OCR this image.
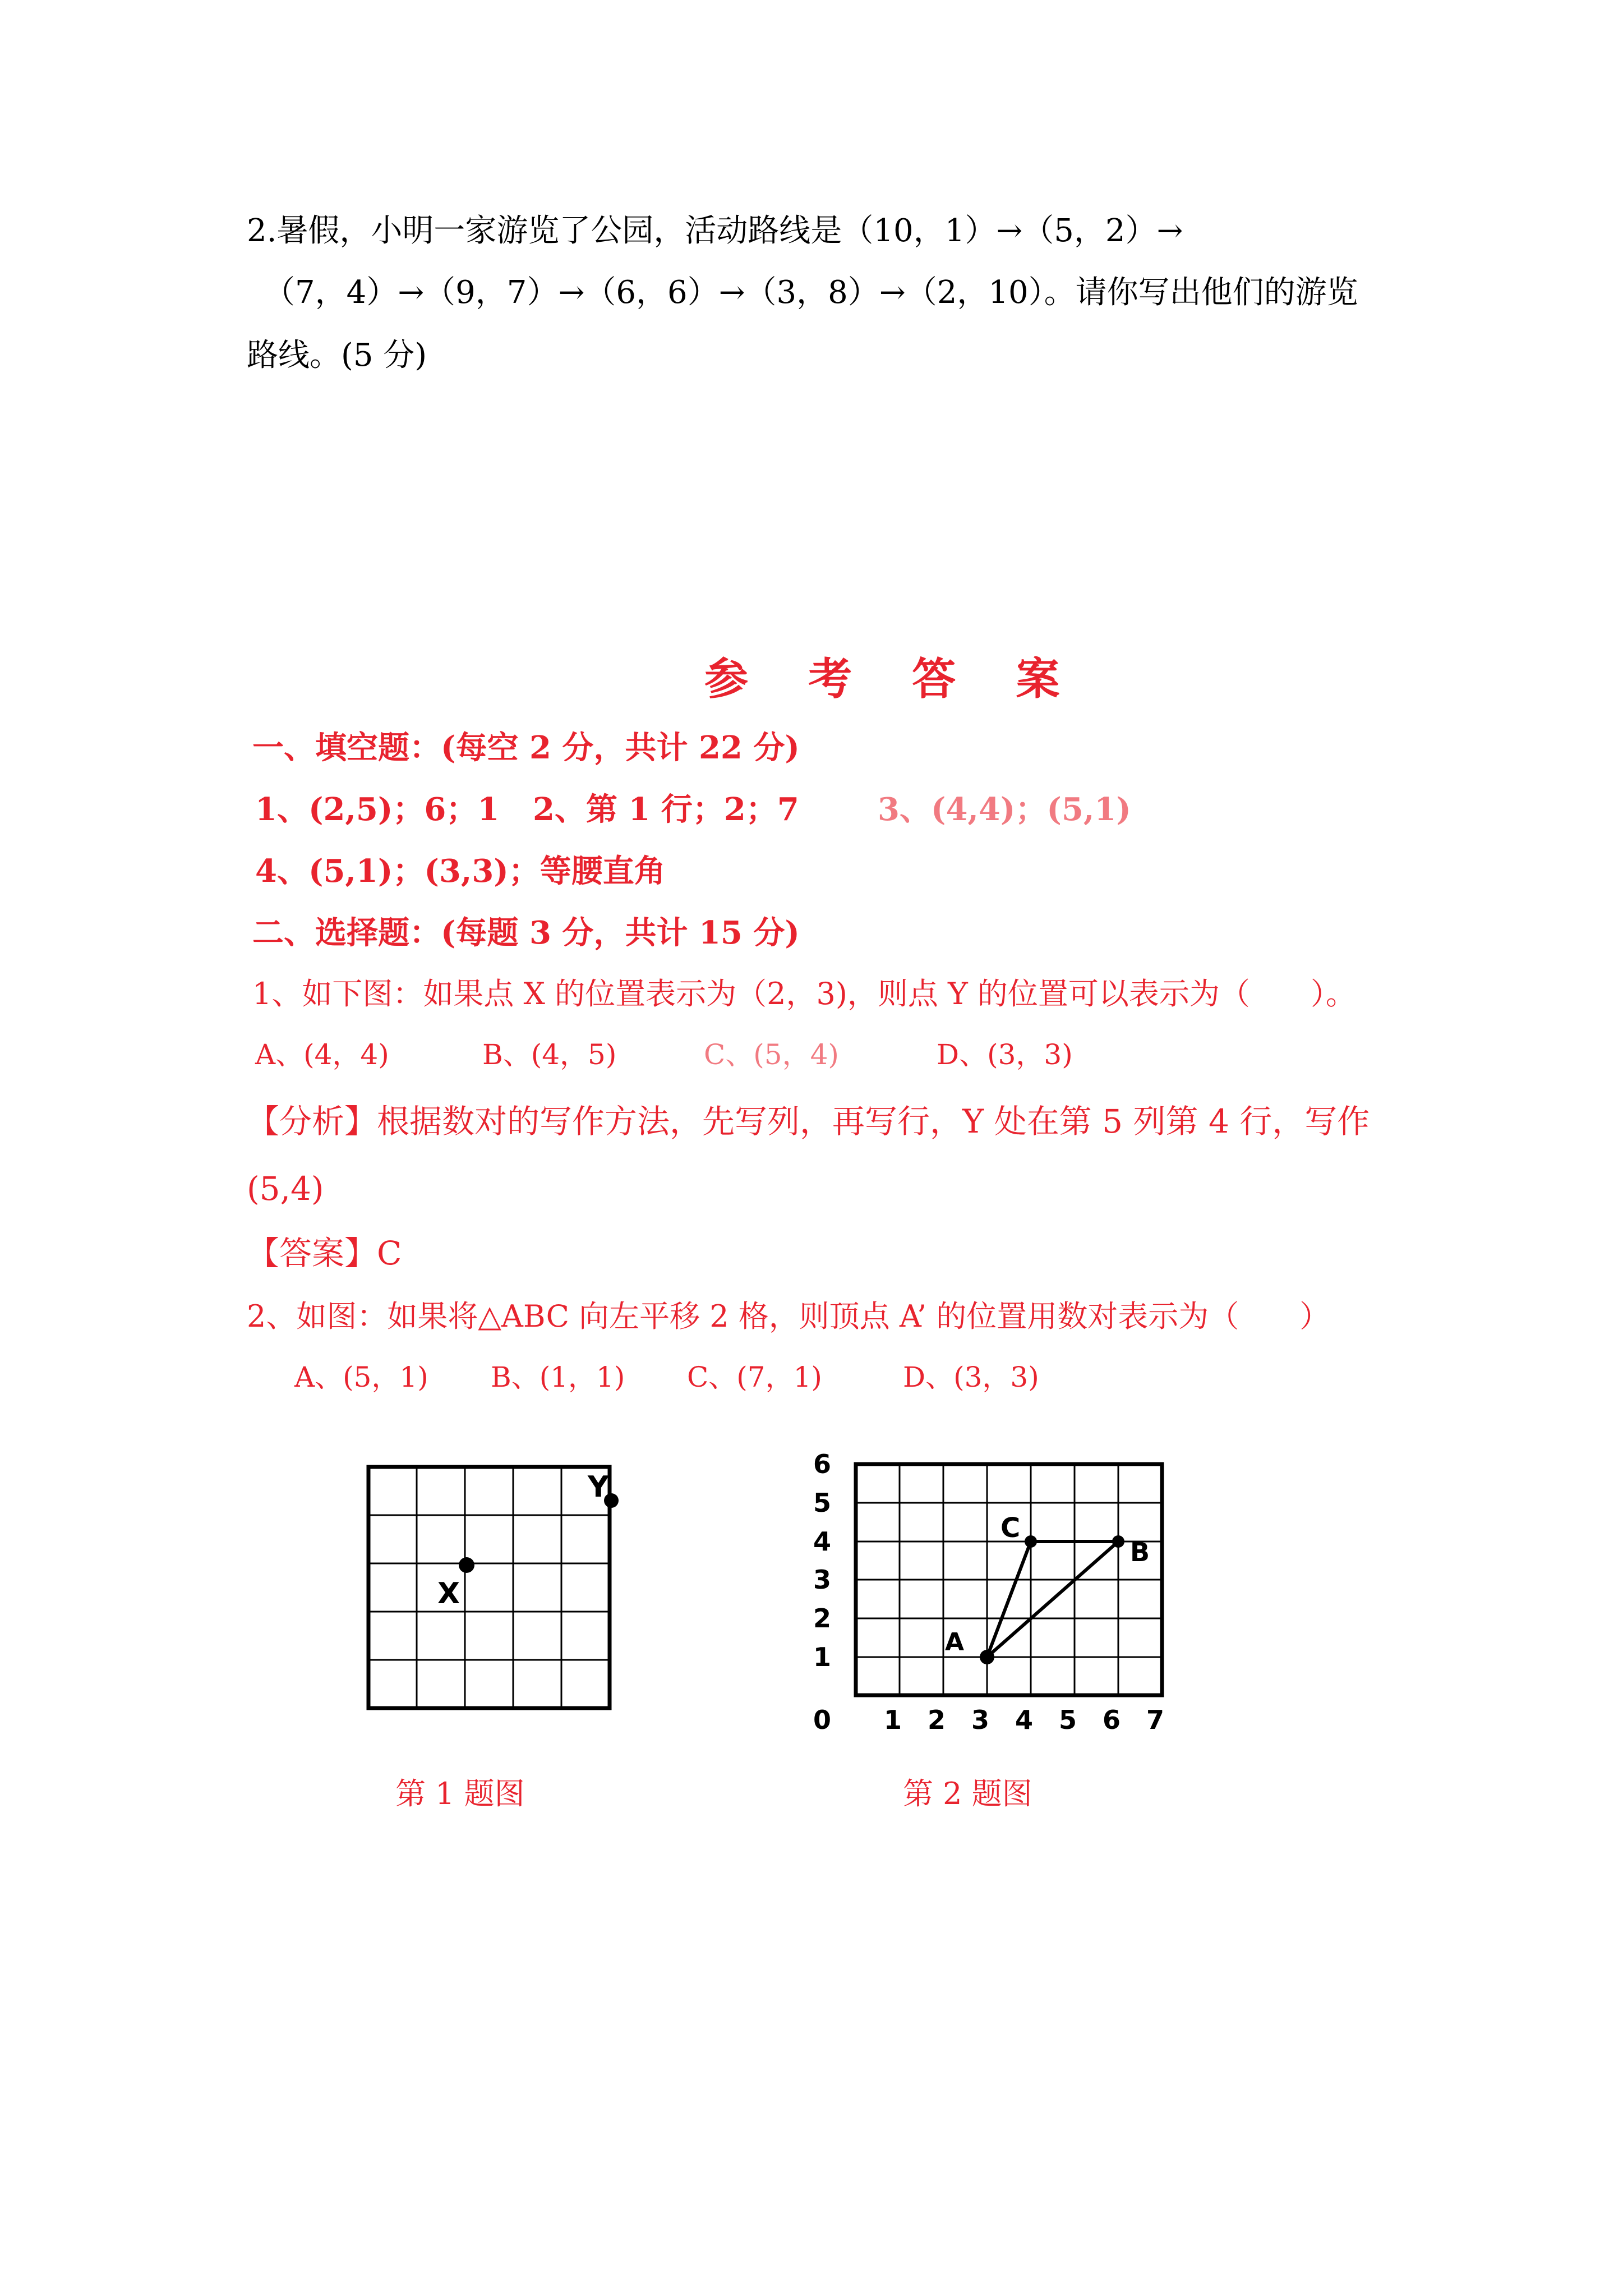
2.暑假，小明一家游览了公园，活动路线是（10，1）→（5，2）→
（7，4）→（9，7）→（6，6）→（3，8）→（2，10）。请你写出他们的游览
路线。(5 分)
参 考 答 案
一、填空题：(每空 2 分，共计 22 分)
1、(2,5)；6；1 2、第 1 行；2；7	3、(4,4)；(5,1)
4、(5,1)；(3,3)；等腰直角
二、选择题：(每题 3 分，共计 15 分)
1、如下图：如果点 X 的位置表示为（2，3)，则点 Y 的位置可以表示为（　　）。
A、(4，4)	B、(4，5)	C、(5，4)	D、(3，3)
【分析】根据数对的写作方法，先写列，再写行，Y 处在第 5 列第 4 行，写作
(5,4)
【答案】C
2、如图：如果将△ABC 向左平移 2 格，则顶点 A’ 的位置用数对表示为（　　）
A、(5，1) B、(1，1) C、(7，1)	D、(3，3)
X
Y
第 1 题图
6
5
4
3
2
1
0 1 2 3 4 5 6 7
A
B
C
第 2 题图
